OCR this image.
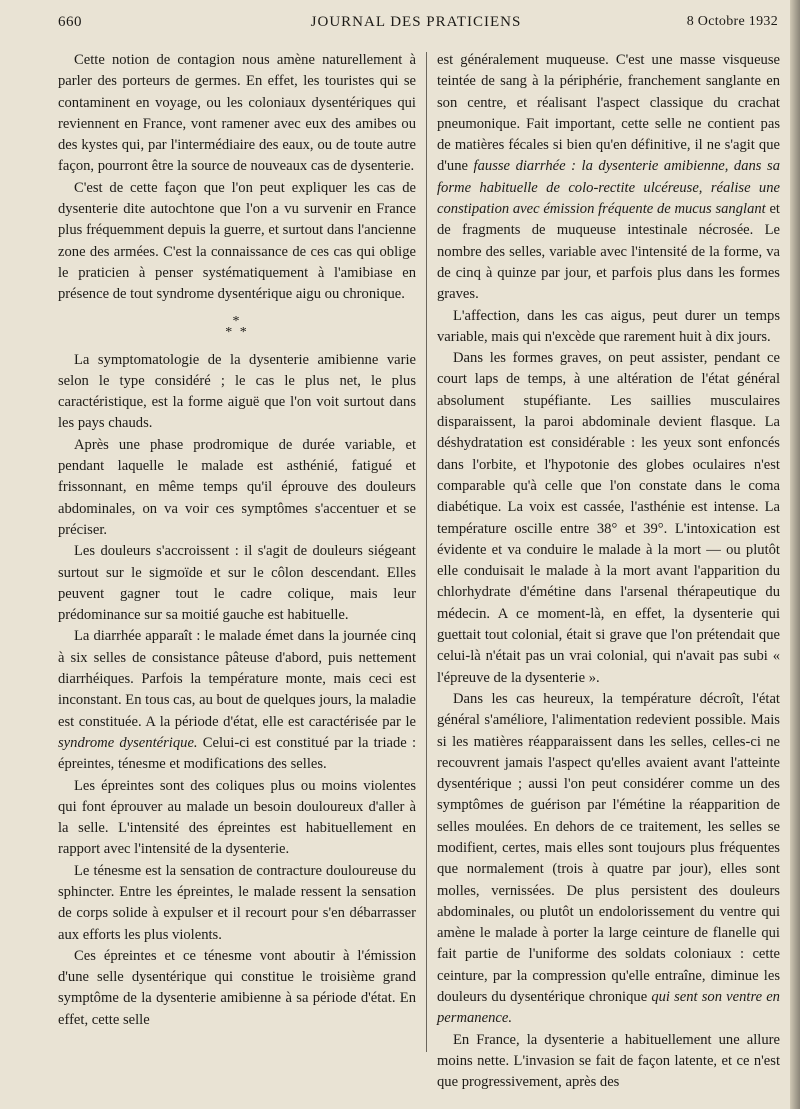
660	JOURNAL DES PRATICIENS	8 Octobre 1932

Cette notion de contagion nous amène naturellement à parler des porteurs de germes. En effet, les touristes qui se contaminent en voyage, ou les coloniaux dysentériques qui reviennent en France, vont ramener avec eux des amibes ou des kystes qui, par l'intermédiaire des eaux, ou de toute autre façon, pourront être la source de nouveaux cas de dysenterie.

C'est de cette façon que l'on peut expliquer les cas de dysenterie dite autochtone que l'on a vu survenir en France plus fréquemment depuis la guerre, et surtout dans l'ancienne zone des armées. C'est la connaissance de ces cas qui oblige le praticien à penser systématiquement à l'amibiase en présence de tout syndrome dysentérique aigu ou chronique.

*
* *

La symptomatologie de la dysenterie amibienne varie selon le type considéré ; le cas le plus net, le plus caractéristique, est la forme aiguë que l'on voit surtout dans les pays chauds.

Après une phase prodromique de durée variable, et pendant laquelle le malade est asthénié, fatigué et frissonnant, en même temps qu'il éprouve des douleurs abdominales, on va voir ces symptômes s'accentuer et se préciser.

Les douleurs s'accroissent : il s'agit de douleurs siégeant surtout sur le sigmoïde et sur le côlon descendant. Elles peuvent gagner tout le cadre colique, mais leur prédominance sur sa moitié gauche est habituelle.

La diarrhée apparaît : le malade émet dans la journée cinq à six selles de consistance pâteuse d'abord, puis nettement diarrhéiques. Parfois la température monte, mais ceci est inconstant. En tous cas, au bout de quelques jours, la maladie est constituée. A la période d'état, elle est caractérisée par le syndrome dysentérique. Celui-ci est constitué par la triade : épreintes, ténesme et modifications des selles.

Les épreintes sont des coliques plus ou moins violentes qui font éprouver au malade un besoin douloureux d'aller à la selle. L'intensité des épreintes est habituellement en rapport avec l'intensité de la dysenterie.

Le ténesme est la sensation de contracture douloureuse du sphincter. Entre les épreintes, le malade ressent la sensation de corps solide à expulser et il recourt pour s'en débarrasser aux efforts les plus violents.

Ces épreintes et ce ténesme vont aboutir à l'émission d'une selle dysentérique qui constitue le troisième grand symptôme de la dysenterie amibienne à sa période d'état. En effet, cette selle

est généralement muqueuse. C'est une masse visqueuse teintée de sang à la périphérie, franchement sanglante en son centre, et réalisant l'aspect classique du crachat pneumonique. Fait important, cette selle ne contient pas de matières fécales si bien qu'en définitive, il ne s'agit que d'une fausse diarrhée : la dysenterie amibienne, dans sa forme habituelle de colo-rectite ulcéreuse, réalise une constipation avec émission fréquente de mucus sanglant et de fragments de muqueuse intestinale nécrosée. Le nombre des selles, variable avec l'intensité de la forme, va de cinq à quinze par jour, et parfois plus dans les formes graves.

L'affection, dans les cas aigus, peut durer un temps variable, mais qui n'excède que rarement huit à dix jours.

Dans les formes graves, on peut assister, pendant ce court laps de temps, à une altération de l'état général absolument stupéfiante. Les saillies musculaires disparaissent, la paroi abdominale devient flasque. La déshydratation est considérable : les yeux sont enfoncés dans l'orbite, et l'hypotonie des globes oculaires n'est comparable qu'à celle que l'on constate dans le coma diabétique. La voix est cassée, l'asthénie est intense. La température oscille entre 38° et 39°. L'intoxication est évidente et va conduire le malade à la mort — ou plutôt elle conduisait le malade à la mort avant l'apparition du chlorhydrate d'émétine dans l'arsenal thérapeutique du médecin. A ce moment-là, en effet, la dysenterie qui guettait tout colonial, était si grave que l'on prétendait que celui-là n'était pas un vrai colonial, qui n'avait pas subi « l'épreuve de la dysenterie ».

Dans les cas heureux, la température décroît, l'état général s'améliore, l'alimentation redevient possible. Mais si les matières réapparaissent dans les selles, celles-ci ne recouvrent jamais l'aspect qu'elles avaient avant l'atteinte dysentérique ; aussi l'on peut considérer comme un des symptômes de guérison par l'émétine la réapparition de selles moulées. En dehors de ce traitement, les selles se modifient, certes, mais elles sont toujours plus fréquentes que normalement (trois à quatre par jour), elles sont molles, vernissées. De plus persistent des douleurs abdominales, ou plutôt un endolorissement du ventre qui amène le malade à porter la large ceinture de flanelle qui fait partie de l'uniforme des soldats coloniaux : cette ceinture, par la compression qu'elle entraîne, diminue les douleurs du dysentérique chronique qui sent son ventre en permanence.

En France, la dysenterie a habituellement une allure moins nette. L'invasion se fait de façon latente, et ce n'est que progressivement, après des
